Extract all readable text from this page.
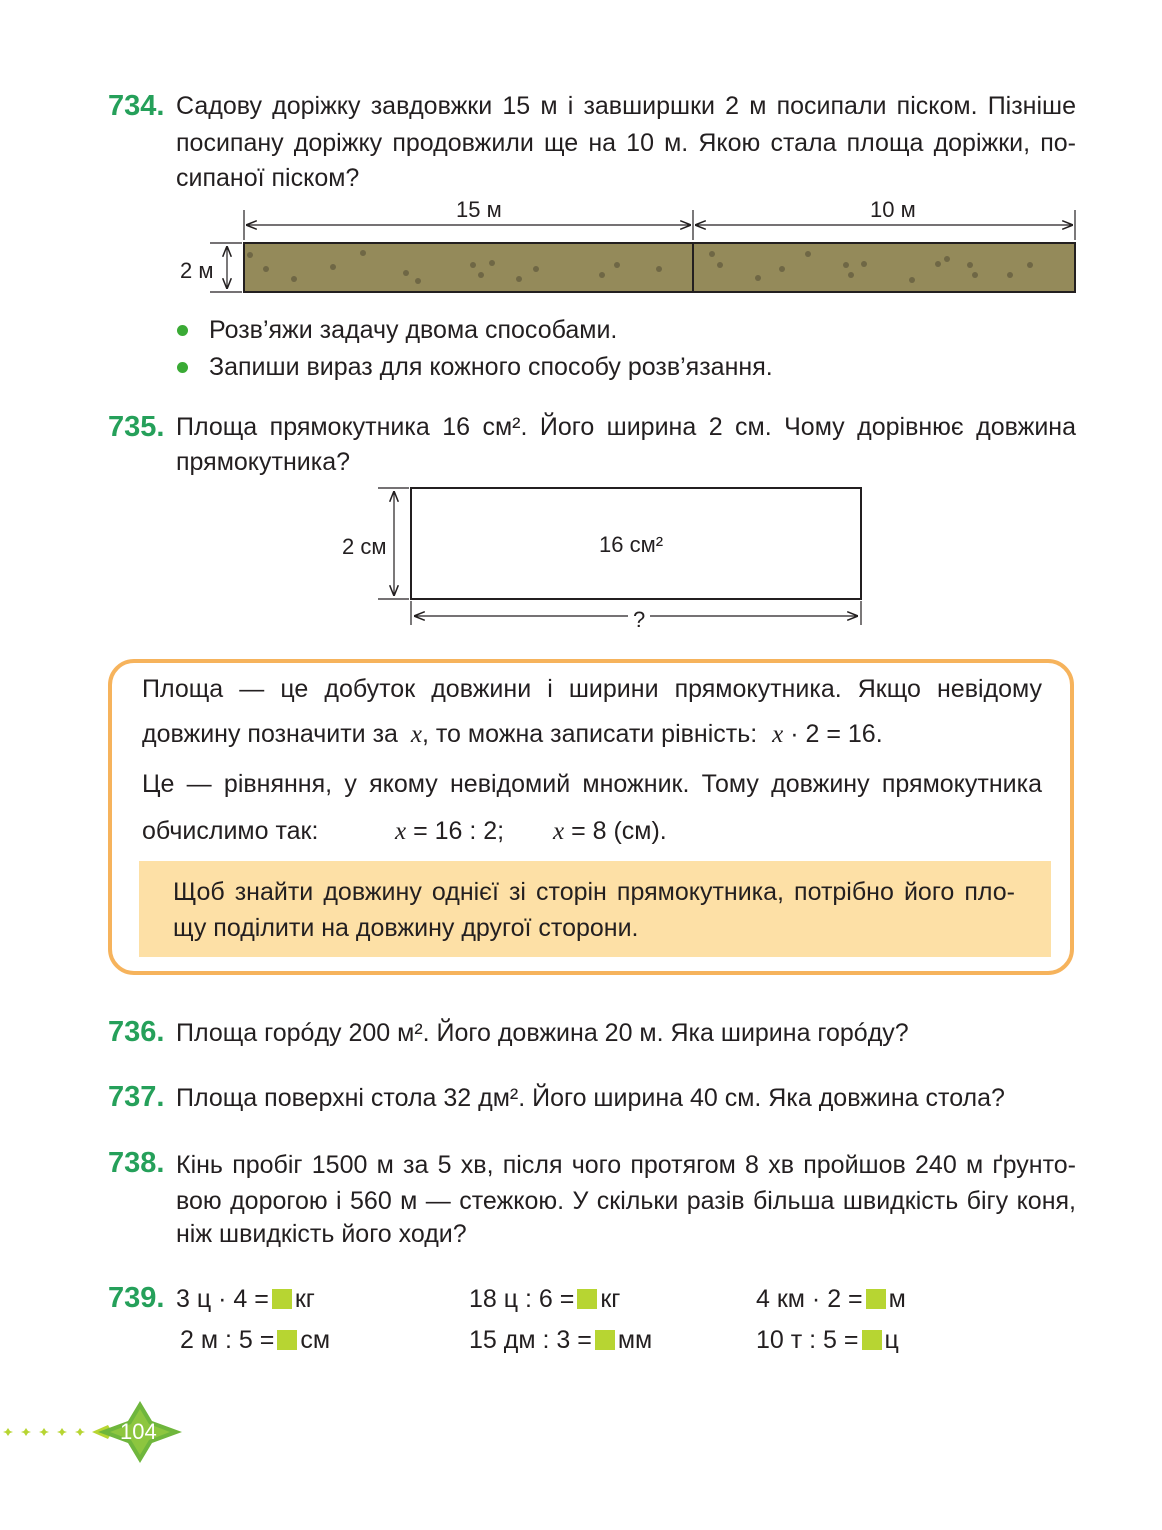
734. Садову доріжку завдовжки 15 м і завширшки 2 м посипали піском. Пізніше
посипану доріжку продовжили ще на 10 м. Якою стала площа доріжки, по-
сипаної піском?
15 м	10 м
2 м
Розв’яжи задачу двома способами.
Запиши вираз для кожного способу розв’язання.
735. Площа прямокутника 16 см². Його ширина 2 см. Чому дорівнює довжина
прямокутника?
16 см²
2 см
?
Площа — це добуток довжини і ширини прямокутника. Якщо невідому
довжину позначити за x, то можна записати рівність: x · 2 = 16.
Це — рівняння, у якому невідомий множник. Тому довжину прямокутника
обчислимо так:	x = 16 : 2; x = 8 (см).
Щоб знайти довжину однієї зі сторін прямокутника, потрібно його пло-
щу поділити на довжину другої сторони.
736. Площа горóду 200 м². Його довжина 20 м. Яка ширина горóду?
737. Площа поверхні стола 32 дм². Його ширина 40 см. Яка довжина стола?
738. Кінь пробіг 1500 м за 5 хв, після чого протягом 8 хв пройшов 240 м ґрунто-
вою дорогою і 560 м — стежкою. У скільки разів більша швидкість бігу коня,
ніж швидкість його ходи?
739. 3 ц · 4 = кг	18 ц : 6 = кг	4 км · 2 = м
2 м : 5 = см	15 дм : 3 = мм	10 т : 5 = ц
104
